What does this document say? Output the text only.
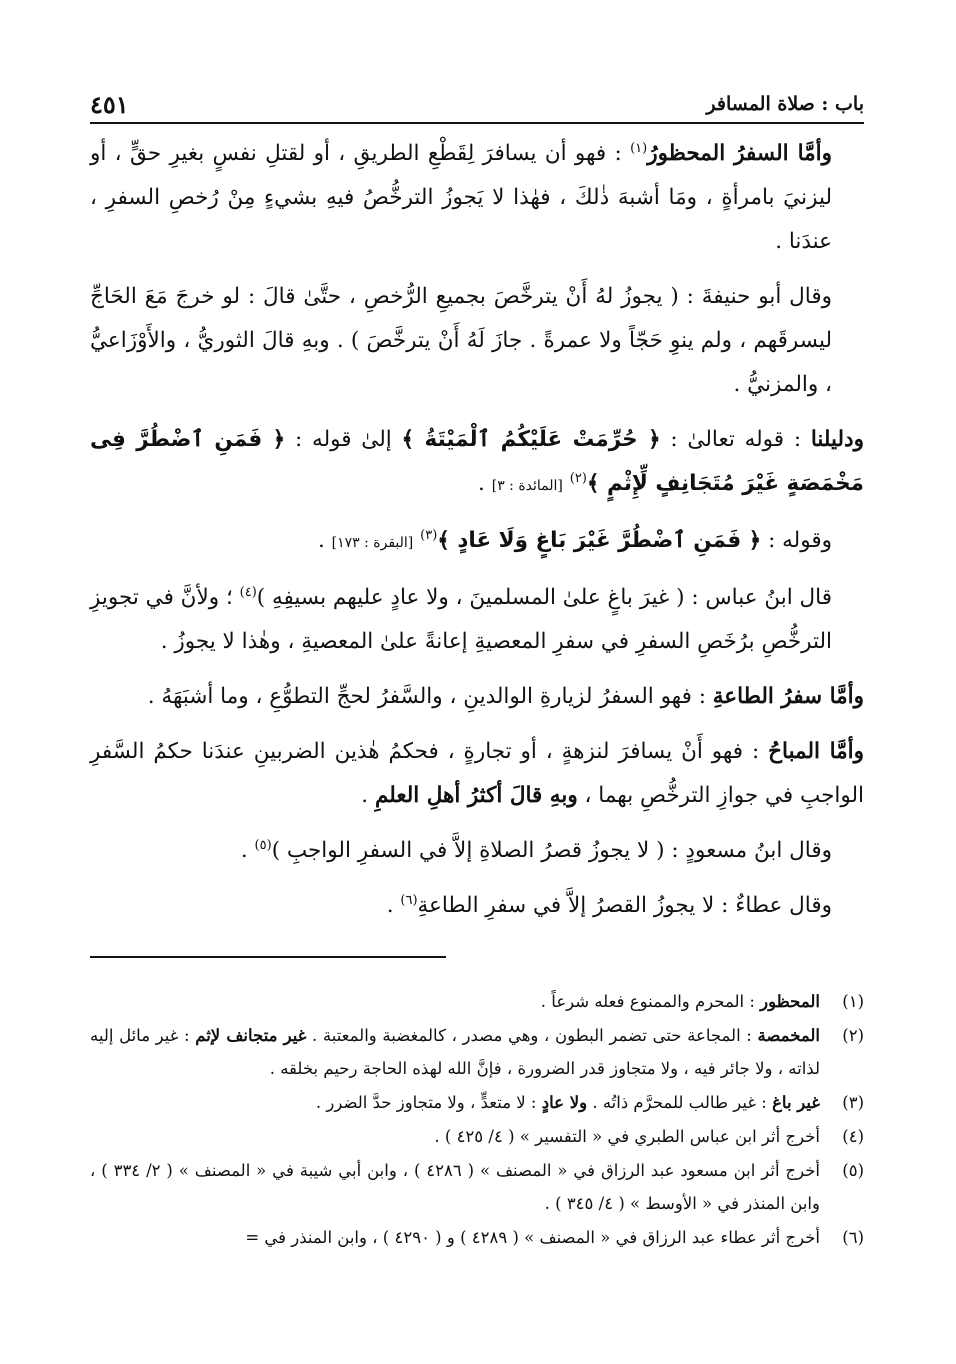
باب : صلاة المسافر
٤٥١

وأمَّا السفرُ المحظورُ$^{(١)}$ : فهو أن يسافرَ لِقَطْعِ الطريقِ ، أو لقتلِ نفسٍ بغيرِ حقٍّ ، أو ليزنيَ بامرأةٍ ، ومَا أشبهَ ذٰلكَ ، فهٰذا لا يَجوزُ الترخُّصُ فيهِ بشيءٍ مِنْ رُخصِ السفرِ ، عندَنا .

وقال أبو حنيفةَ : ( يجوزُ لهُ أَنْ يترخَّصَ بجميعِ الرُّخصِ ، حتَّىٰ قالَ : لو خرجَ مَعَ الحَاجِّ ليسرقَهم ، ولم ينوِ حَجّاً ولا عمرةً . جازَ لَهُ أَنْ يترخَّصَ ) . وبهِ قالَ الثوريُّ ، والأَوْزَاعيُّ ، والمزنيُّ .

ودليلنا : قوله تعالىٰ : ﴿ حُرِّمَتْ عَلَيْكُمُ ٱلْمَيْتَةُ ﴾ إلىٰ قوله : ﴿ فَمَنِ ٱضْطُرَّ فِى مَخْمَصَةٍ غَيْرَ مُتَجَانِفٍ لِّإِثْمٍ ﴾$^{(٢)}$ [المائدة : ٣] .

وقوله : ﴿ فَمَنِ ٱضْطُرَّ غَيْرَ بَاغٍ وَلَا عَادٍ ﴾$^{(٣)}$ [البقرة : ١٧٣] .

قال ابنُ عباس : ( غيرَ باغٍ علىٰ المسلمينَ ، ولا عادٍ عليهم بسيفِهِ )$^{(٤)}$ ؛ ولأنَّ في تجويزِ الترخُّصِ برُخَصِ السفرِ في سفرِ المعصيةِ إعانةً علىٰ المعصيةِ ، وهٰذا لا يجوزُ .

وأمَّا سفرُ الطاعةِ : فهو السفرُ لزيارةِ الوالدينِ ، والسَّفرُ لحجِّ التطوُّعِ ، وما أشبَهَهُ .

وأمَّا المباحُ : فهو أَنْ يسافرَ لنزهةٍ ، أو تجارةٍ ، فحكمُ هٰذين الضربينِ عندَنا حكمُ السَّفرِ الواجبِ في جوازِ الترخُّصِ بهما ، وبهِ قالَ أكثرُ أهلِ العلمِ .

وقال ابنُ مسعودٍ : ( لا يجوزُ قصرُ الصلاةِ إلاَّ في السفرِ الواجبِ )$^{(٥)}$ .

وقال عطاءٌ : لا يجوزُ القصرُ إلاَّ في سفرِ الطاعةِ$^{(٦)}$ .

(١)
المحظور : المحرم والممنوع فعله شرعاً .
(٢)
المخمصة : المجاعة حتى تضمر البطون ، وهي مصدر ، كالمغضبة والمعتبة . غير متجانف لإثم : غير مائل إليه لذاته ، ولا جائر فيه ، ولا متجاوز قدر الضرورة ، فإنَّ الله لهذه الحاجة رحيم بخلقه .
(٣)
غير باغ : غير طالب للمحرَّم ذاتُه . ولا عادٍ : لا متعدٍّ ، ولا متجاوز حدَّ الضرر .
(٤)
أخرج أثر ابن عباس الطبري في « التفسير » ( ٤/ ٤٢٥ ) .
(٥)
أخرج أثر ابن مسعود عبد الرزاق في « المصنف » ( ٤٢٨٦ ) ، وابن أبي شيبة في « المصنف » ( ٢/ ٣٣٤ ) ، وابن المنذر في « الأوسط » ( ٤/ ٣٤٥ ) .
(٦)
أخرج أثر عطاء عبد الرزاق في « المصنف » ( ٤٢٨٩ ) و ( ٤٢٩٠ ) ، وابن المنذر في =
